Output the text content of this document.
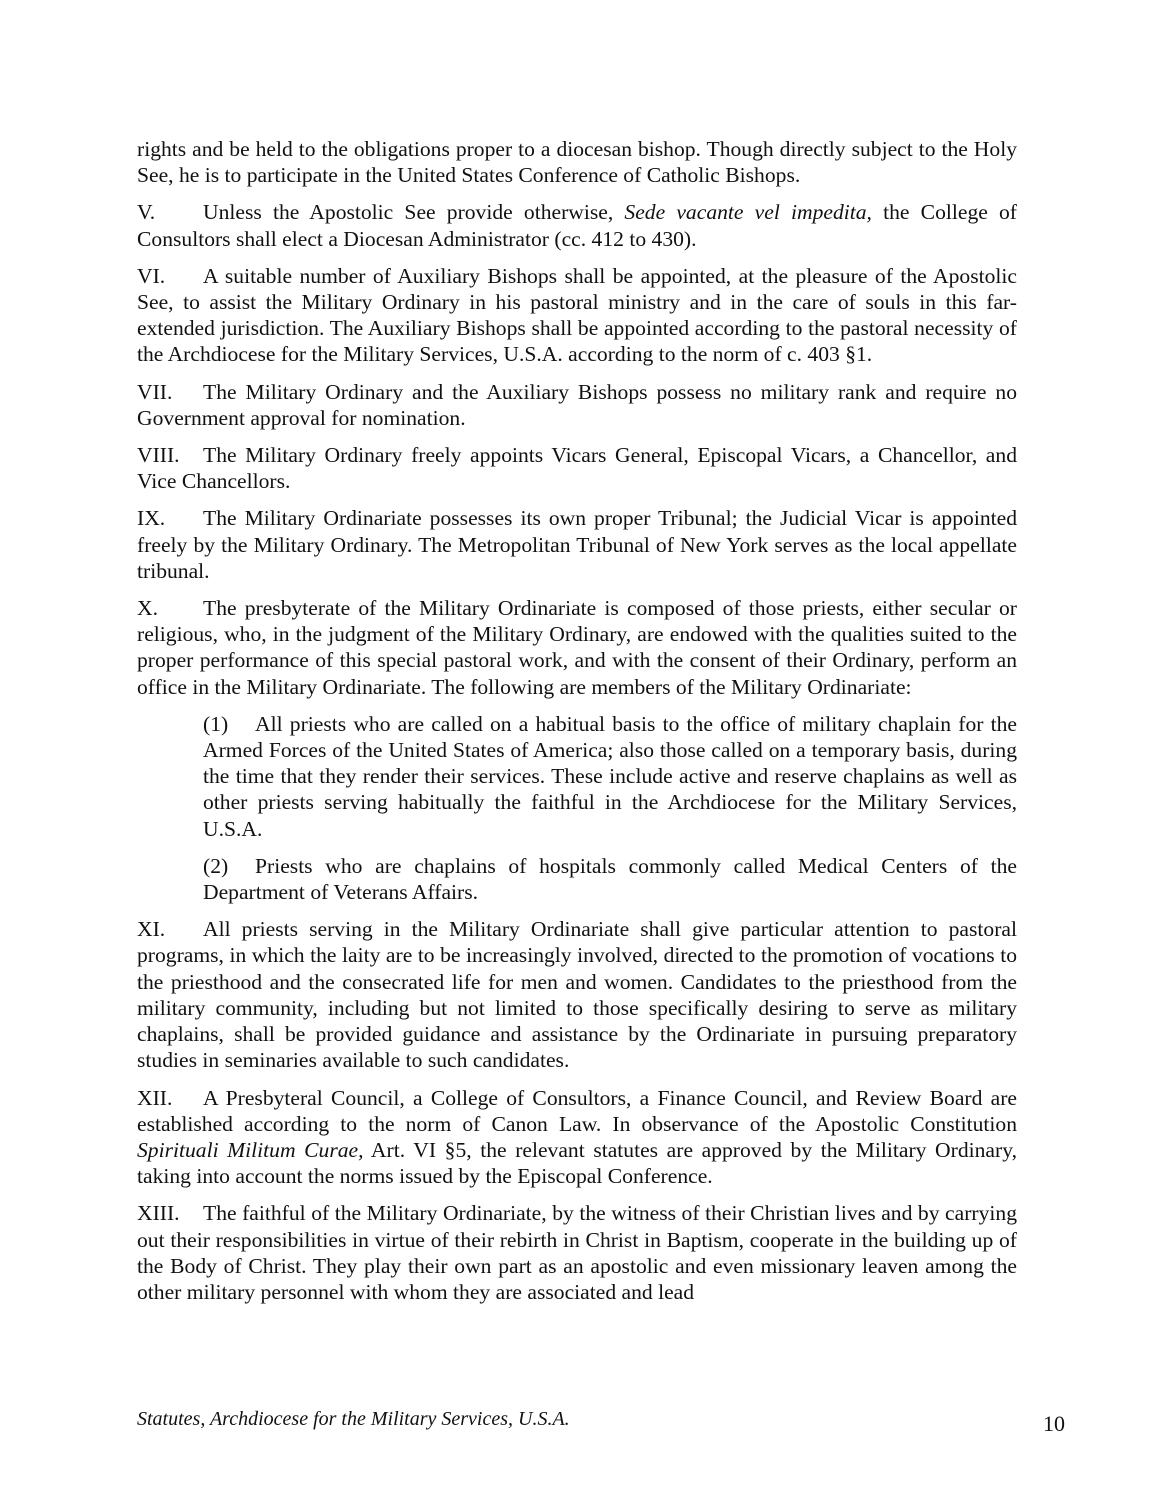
rights and be held to the obligations proper to a diocesan bishop. Though directly subject to the Holy See, he is to participate in the United States Conference of Catholic Bishops.

V. Unless the Apostolic See provide otherwise, Sede vacante vel impedita, the College of Consultors shall elect a Diocesan Administrator (cc. 412 to 430).

VI. A suitable number of Auxiliary Bishops shall be appointed, at the pleasure of the Apostolic See, to assist the Military Ordinary in his pastoral ministry and in the care of souls in this far-extended jurisdiction. The Auxiliary Bishops shall be appointed according to the pastoral necessity of the Archdiocese for the Military Services, U.S.A. according to the norm of c. 403 §1.

VII. The Military Ordinary and the Auxiliary Bishops possess no military rank and require no Government approval for nomination.

VIII. The Military Ordinary freely appoints Vicars General, Episcopal Vicars, a Chancellor, and Vice Chancellors.

IX. The Military Ordinariate possesses its own proper Tribunal; the Judicial Vicar is appointed freely by the Military Ordinary. The Metropolitan Tribunal of New York serves as the local appellate tribunal.

X. The presbyterate of the Military Ordinariate is composed of those priests, either secular or religious, who, in the judgment of the Military Ordinary, are endowed with the qualities suited to the proper performance of this special pastoral work, and with the consent of their Ordinary, perform an office in the Military Ordinariate. The following are members of the Military Ordinariate:

(1) All priests who are called on a habitual basis to the office of military chaplain for the Armed Forces of the United States of America; also those called on a temporary basis, during the time that they render their services. These include active and reserve chaplains as well as other priests serving habitually the faithful in the Archdiocese for the Military Services, U.S.A.

(2) Priests who are chaplains of hospitals commonly called Medical Centers of the Department of Veterans Affairs.

XI. All priests serving in the Military Ordinariate shall give particular attention to pastoral programs, in which the laity are to be increasingly involved, directed to the promotion of vocations to the priesthood and the consecrated life for men and women. Candidates to the priesthood from the military community, including but not limited to those specifically desiring to serve as military chaplains, shall be provided guidance and assistance by the Ordinariate in pursuing preparatory studies in seminaries available to such candidates.

XII. A Presbyteral Council, a College of Consultors, a Finance Council, and Review Board are established according to the norm of Canon Law. In observance of the Apostolic Constitution Spirituali Militum Curae, Art. VI §5, the relevant statutes are approved by the Military Ordinary, taking into account the norms issued by the Episcopal Conference.

XIII. The faithful of the Military Ordinariate, by the witness of their Christian lives and by carrying out their responsibilities in virtue of their rebirth in Christ in Baptism, cooperate in the building up of the Body of Christ. They play their own part as an apostolic and even missionary leaven among the other military personnel with whom they are associated and lead

Statutes, Archdiocese for the Military Services, U.S.A.	10
